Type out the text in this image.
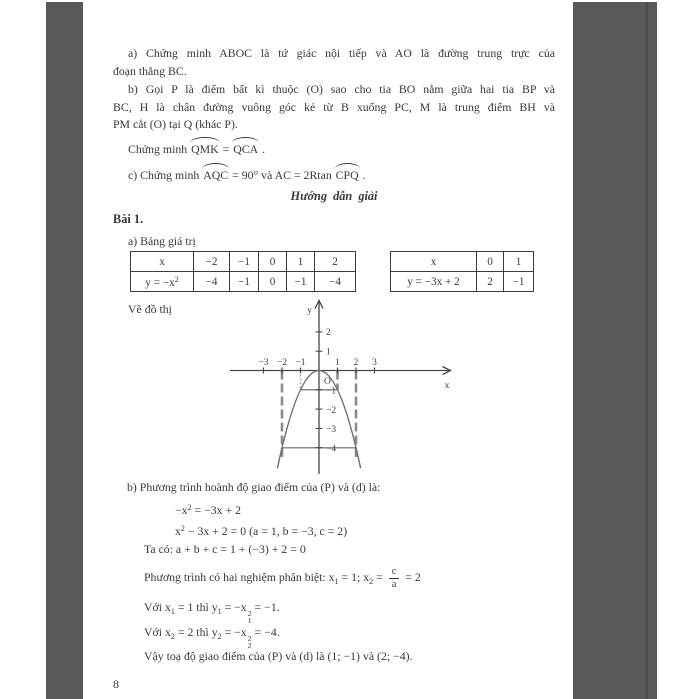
a) Chứng minh ABOC là tứ giác nội tiếp và AO là đường trung trực của
đoạn thẳng BC.
b) Gọi P là điểm bất kì thuộc (O) sao cho tia BO nằm giữa hai tia BP và
BC, H là chân đường vuông góc kẻ từ B xuống PC, M là trung điểm BH và
PM cắt (O) tại Q (khác P).
Chứng minh QMK = QCA .
c) Chứng minh AQC = 90° và AC = 2Rtan CPQ .
Hướng dẫn giải
Bài 1.
a) Bảng giá trị
x	−2	−1	0	1	2
$y = -x^2$	−4	−1	0	−1	−4
x	0	1
y = −3x + 2	2	−1
Vẽ đồ thị	y
x
O
−3 −2 −1	1 2 3
2
1
−1
−2
−3
−4
b) Phương trình hoành độ giao điểm của (P) và (d) là:
$-x^2 = -3x + 2$
$x^2 - 3x + 2 = 0$ (a = 1, b = −3, c = 2)
Ta có: a + b + c = 1 + (−3) + 2 = 0
Phương trình có hai nghiệm phân biệt: $x_1 = 1$; $x_2 = \frac{c}{a} = 2$
Với $x_1 = 1$ thì $y_1 = -x$ 2
1
= −1.
Với $x_2 = 2$ thì $y_2 = -x$ 2
2
= −4.
Vậy toạ độ giao điểm của (P) và (d) là (1; −1) và (2; −4).
8
